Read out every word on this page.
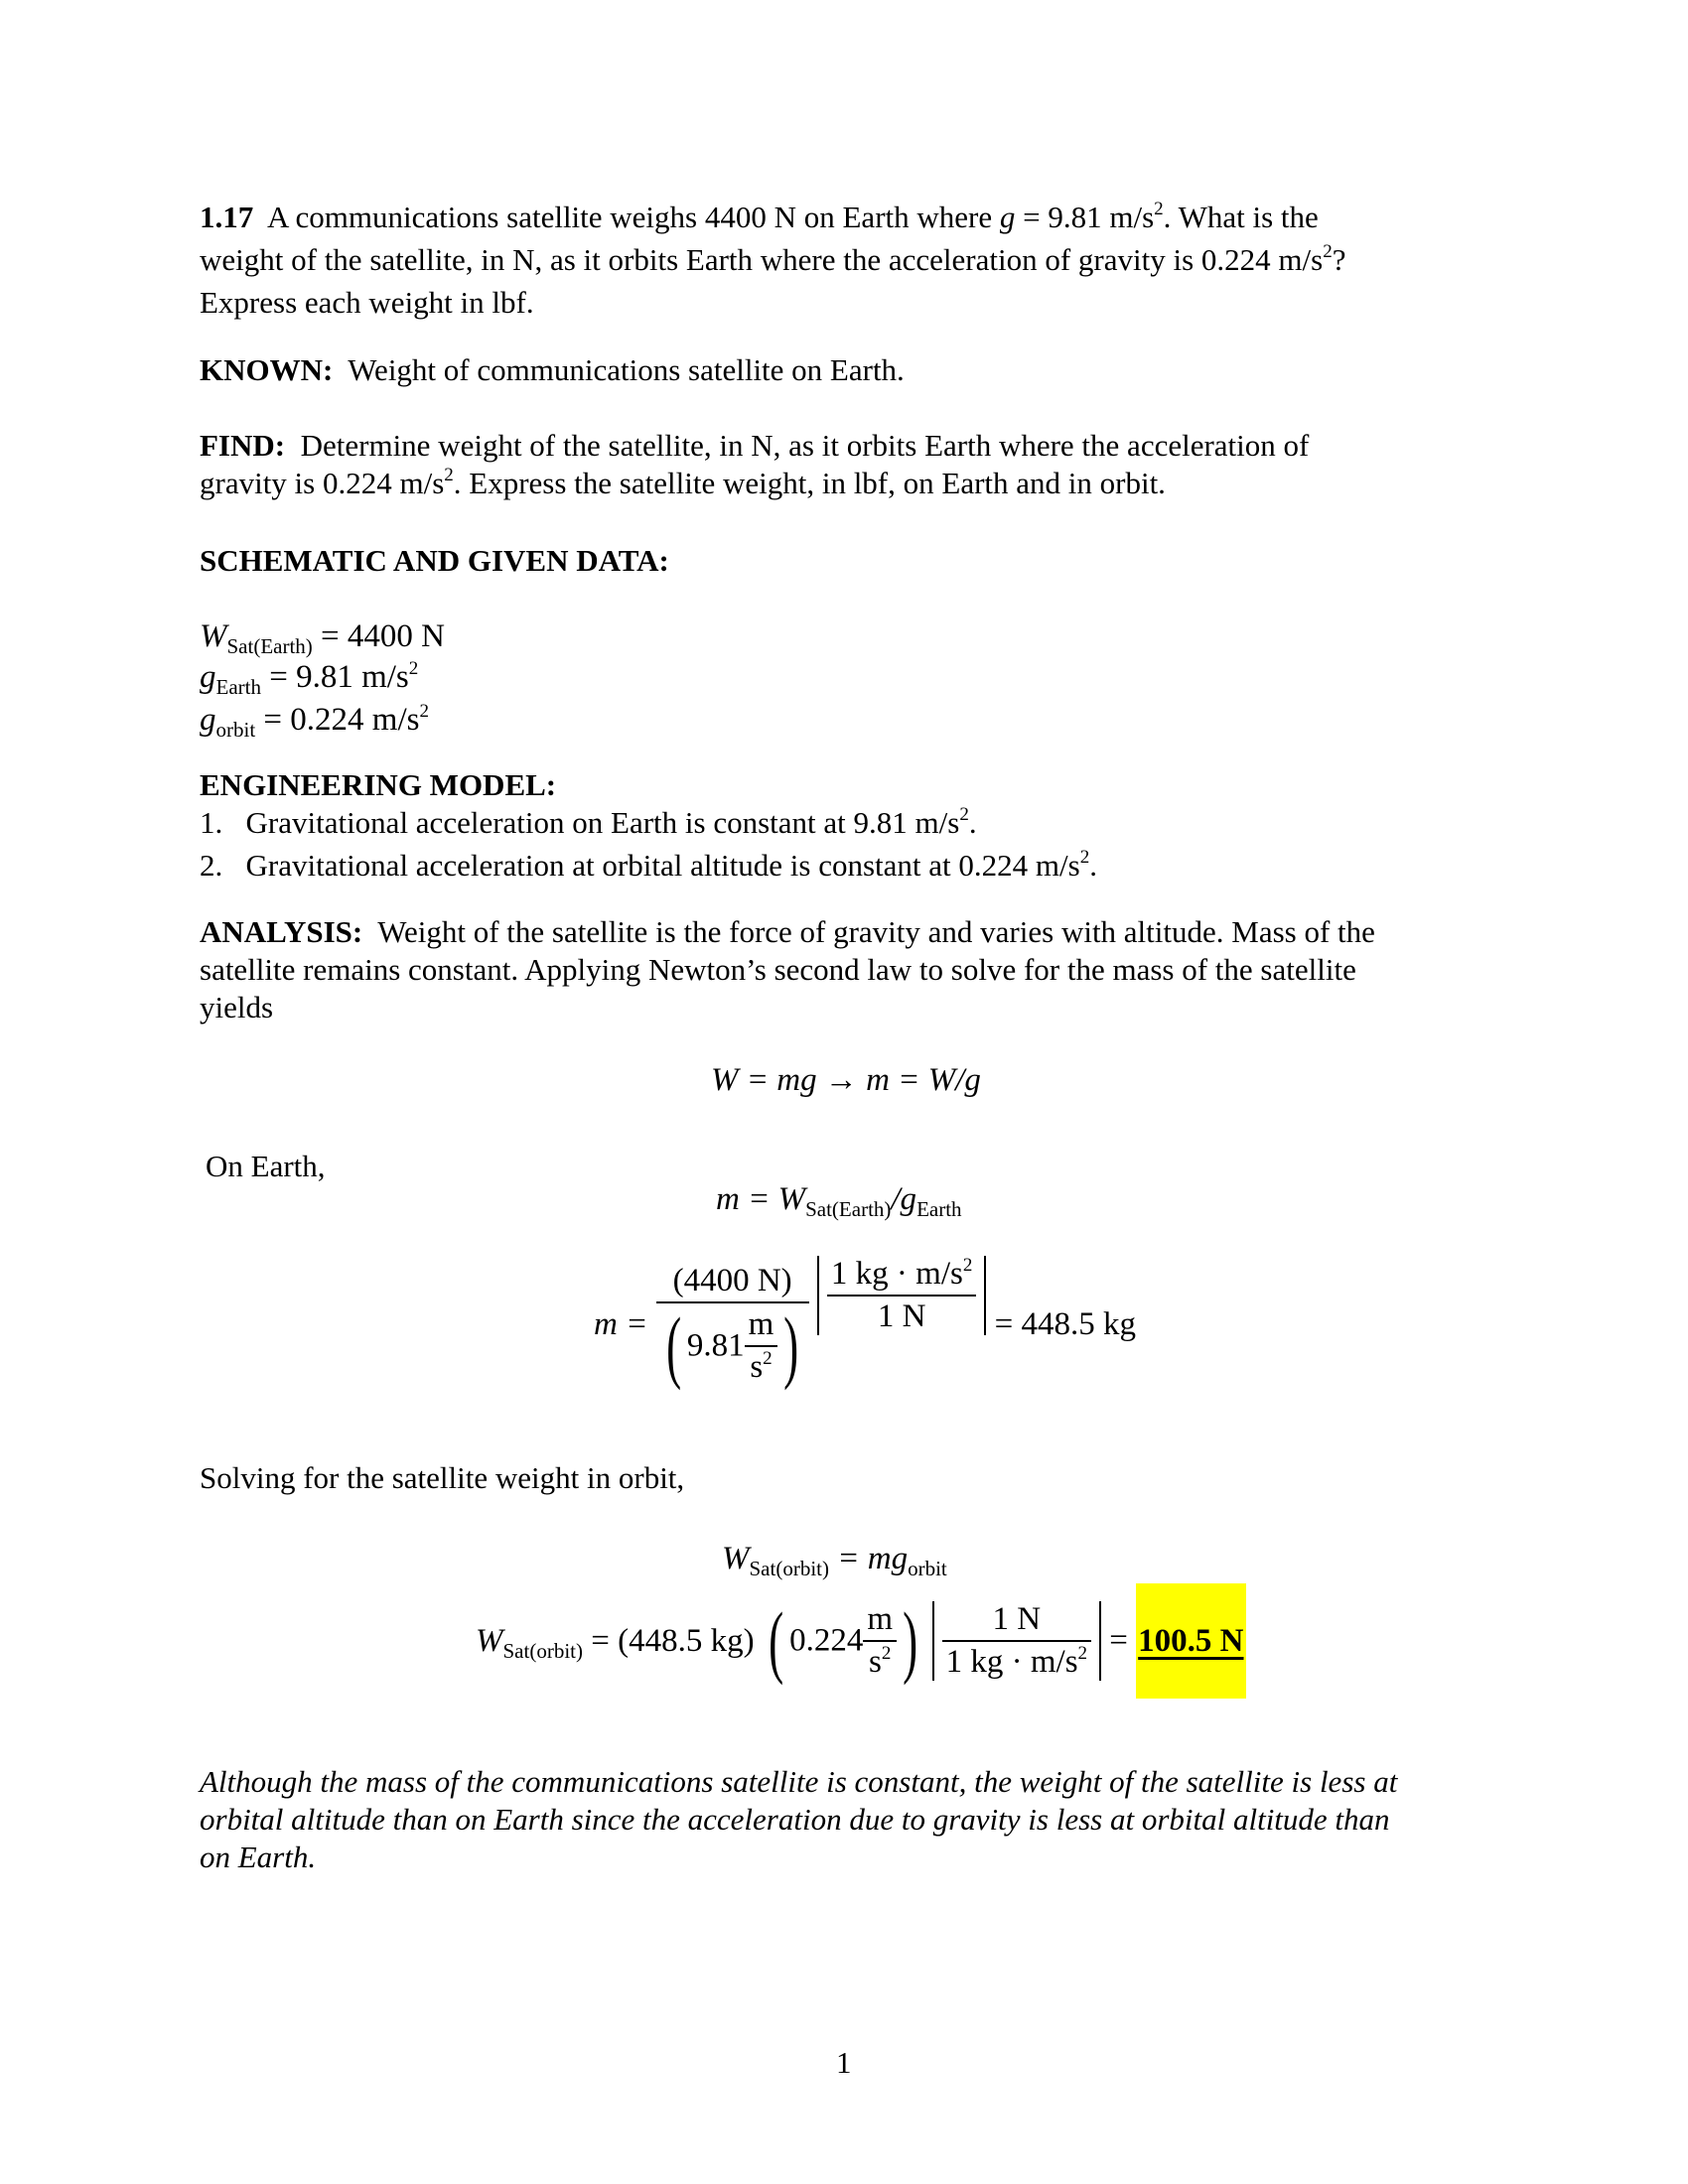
1.17 A communications satellite weighs 4400 N on Earth where g = 9.81 $m/s^2$. What is the
weight of the satellite, in N, as it orbits Earth where the acceleration of gravity is 0.224 $m/s^2$?
Express each weight in lbf.
KNOWN: Weight of communications satellite on Earth.
FIND: Determine weight of the satellite, in N, as it orbits Earth where the acceleration of
gravity is 0.224 $m/s^2$. Express the satellite weight, in lbf, on Earth and in orbit.
SCHEMATIC AND GIVEN DATA:
$W_{Sat(Earth)} = 4400$ N
$g_{Earth} = 9.81$ $m/s^2$
$g_{orbit} = 0.224$ $m/s^2$
ENGINEERING MODEL:
1. Gravitational acceleration on Earth is constant at 9.81 $m/s^2$.
2. Gravitational acceleration at orbital altitude is constant at 0.224 $m/s^2$.
ANALYSIS: Weight of the satellite is the force of gravity and varies with altitude. Mass of the
satellite remains constant. Applying Newton’s second law to solve for the mass of the satellite
yields
W = mg → m = W/g
On Earth,
$m = W_{Sat(Earth)}/g_{Earth}$
$m = \frac{(4400 N)}{( 9.81 \frac{m}{s^2} )}$
$\frac{1 kg \cdot m/s^2}{1 N} = 448.5$ kg
Solving for the satellite weight in orbit,
$W_{Sat(orbit)} = mg_{orbit}$
$W_{Sat(orbit)} = (448.5$ kg) ( $0.224 \frac{m}{s^2}$ ) $\frac{1 N}{1 kg \cdot m/s^2} = 100.5$ N
Although the mass of the communications satellite is constant, the weight of the satellite is less at
orbital altitude than on Earth since the acceleration due to gravity is less at orbital altitude than
on Earth.
1
